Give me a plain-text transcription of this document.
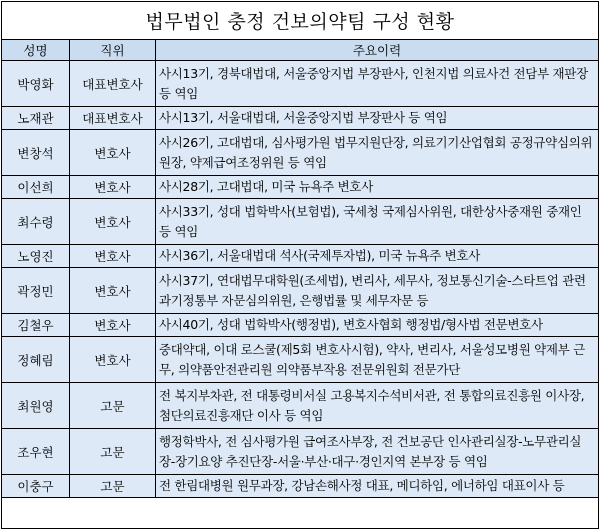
법무법인 충정 건보의약팀 구성 현황
성명	직위	주요이력
박영화	대표변호사	사시13기, 경북대법대, 서울중앙지법 부장판사, 인천지법 의료사건 전담부 재판장 등 역임
노재관	대표변호사	사시13기, 서울대법대, 서울중앙지법 부장판사 등 역임
변창석	변호사	사시26기, 고대법대, 심사평가원 법무지원단장, 의료기기산업협회 공정규약심의위원장, 약제급여조정위원 등 역임
이선희	변호사	사시28기, 고대법대, 미국 뉴욕주 변호사
최수령	변호사	사시33기, 성대 법학박사(보험법), 국세청 국제심사위원, 대한상사중재원 중재인 등 역임
노영진	변호사	사시36기, 서울대법대 석사(국제투자법), 미국 뉴욕주 변호사
곽정민	변호사	사시37기, 연대법무대학원(조세법), 변리사, 세무사, 정보통신기술-스타트업 관련 과기정통부 자문심의위원, 은행법률 및 세무자문 등
김철우	변호사	사시40기, 성대 법학박사(행정법), 변호사협회 행정법/형사법 전문변호사
정혜림	변호사	중대약대, 이대 로스쿨(제5회 변호사시험), 약사, 변리사, 서울성모병원 약제부 근무, 의약품안전관리원 의약품부작용 전문위원회 전문가단
최원영	고문	전 복지부차관, 전 대통령비서실 고용복지수석비서관, 전 통합의료진흥원 이사장, 첨단의료진흥재단 이사 등 역임
조우현	고문	행정학박사, 전 심사평가원 급여조사부장, 전 건보공단 인사관리실장-노무관리실장-장기요양 추진단장-서울·부산·대구·경인지역 본부장 등 역임
이충구	고문	전 한림대병원 원무과장, 강남손해사정 대표, 메디하임, 에너하임 대표이사 등
